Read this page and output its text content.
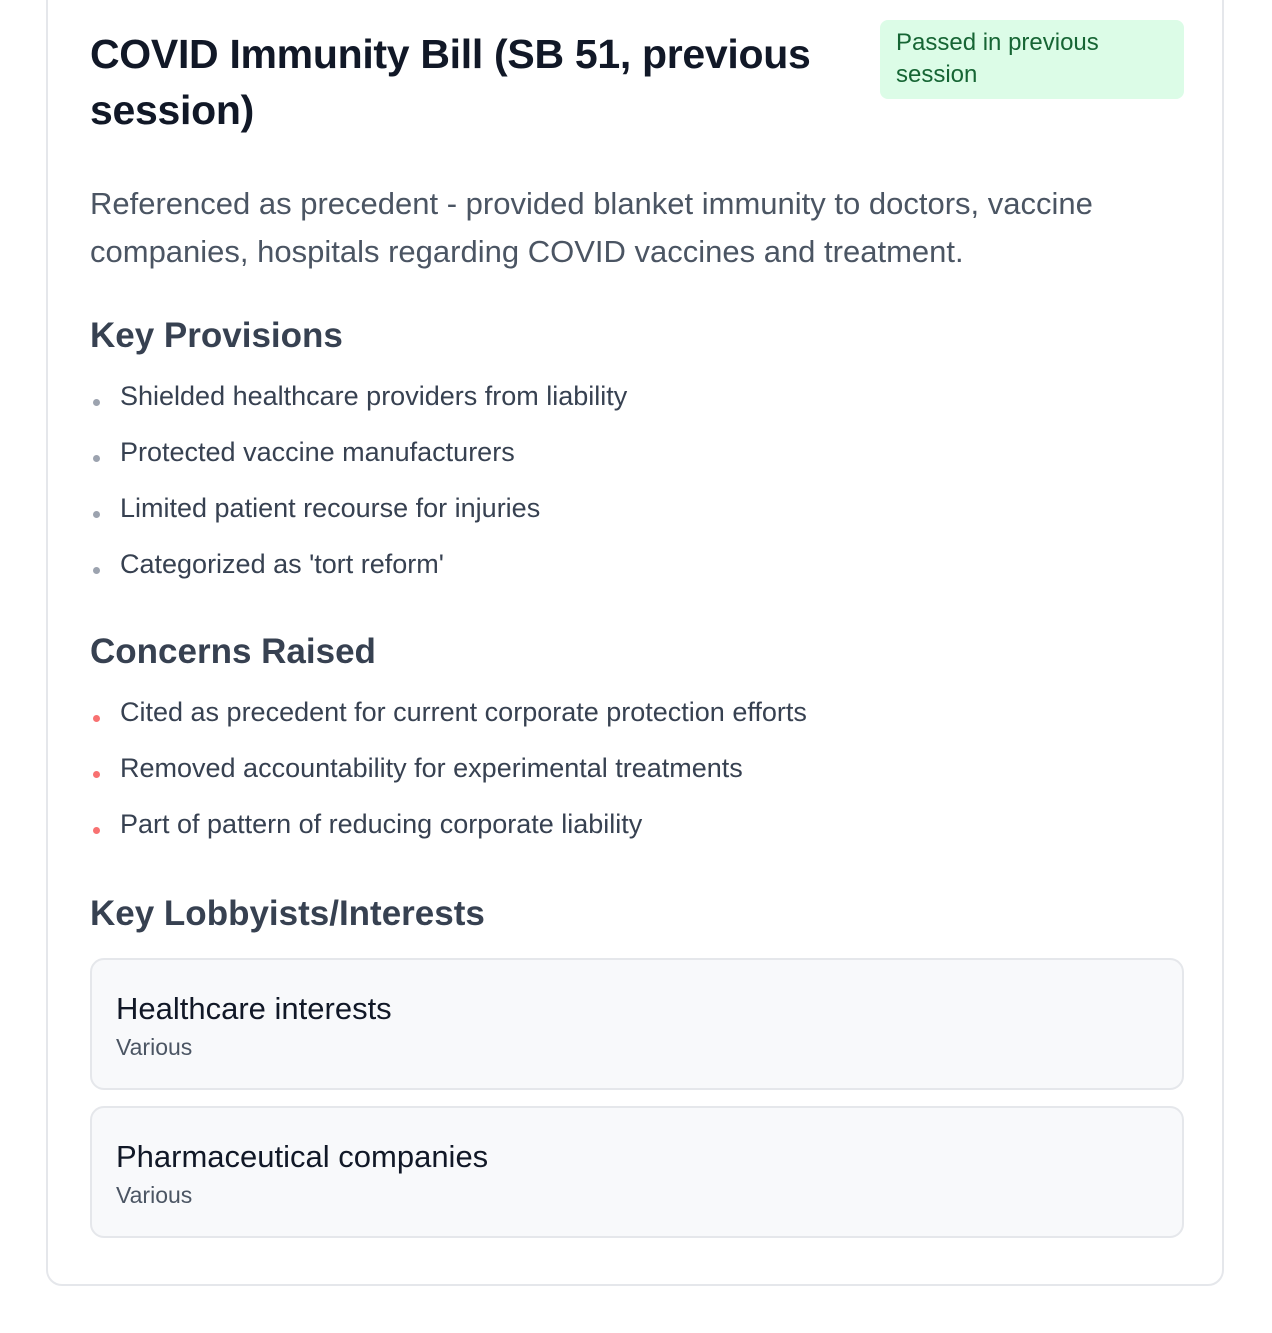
COVID Immunity Bill (SB 51, previous session)
Passed in previous session

Referenced as precedent - provided blanket immunity to doctors, vaccine companies, hospitals regarding COVID vaccines and treatment.

Key Provisions
Shielded healthcare providers from liability
Protected vaccine manufacturers
Limited patient recourse for injuries
Categorized as 'tort reform'
Concerns Raised
Cited as precedent for current corporate protection efforts
Removed accountability for experimental treatments
Part of pattern of reducing corporate liability
Key Lobbyists/Interests
Healthcare interests
Various
Pharmaceutical companies
Various
